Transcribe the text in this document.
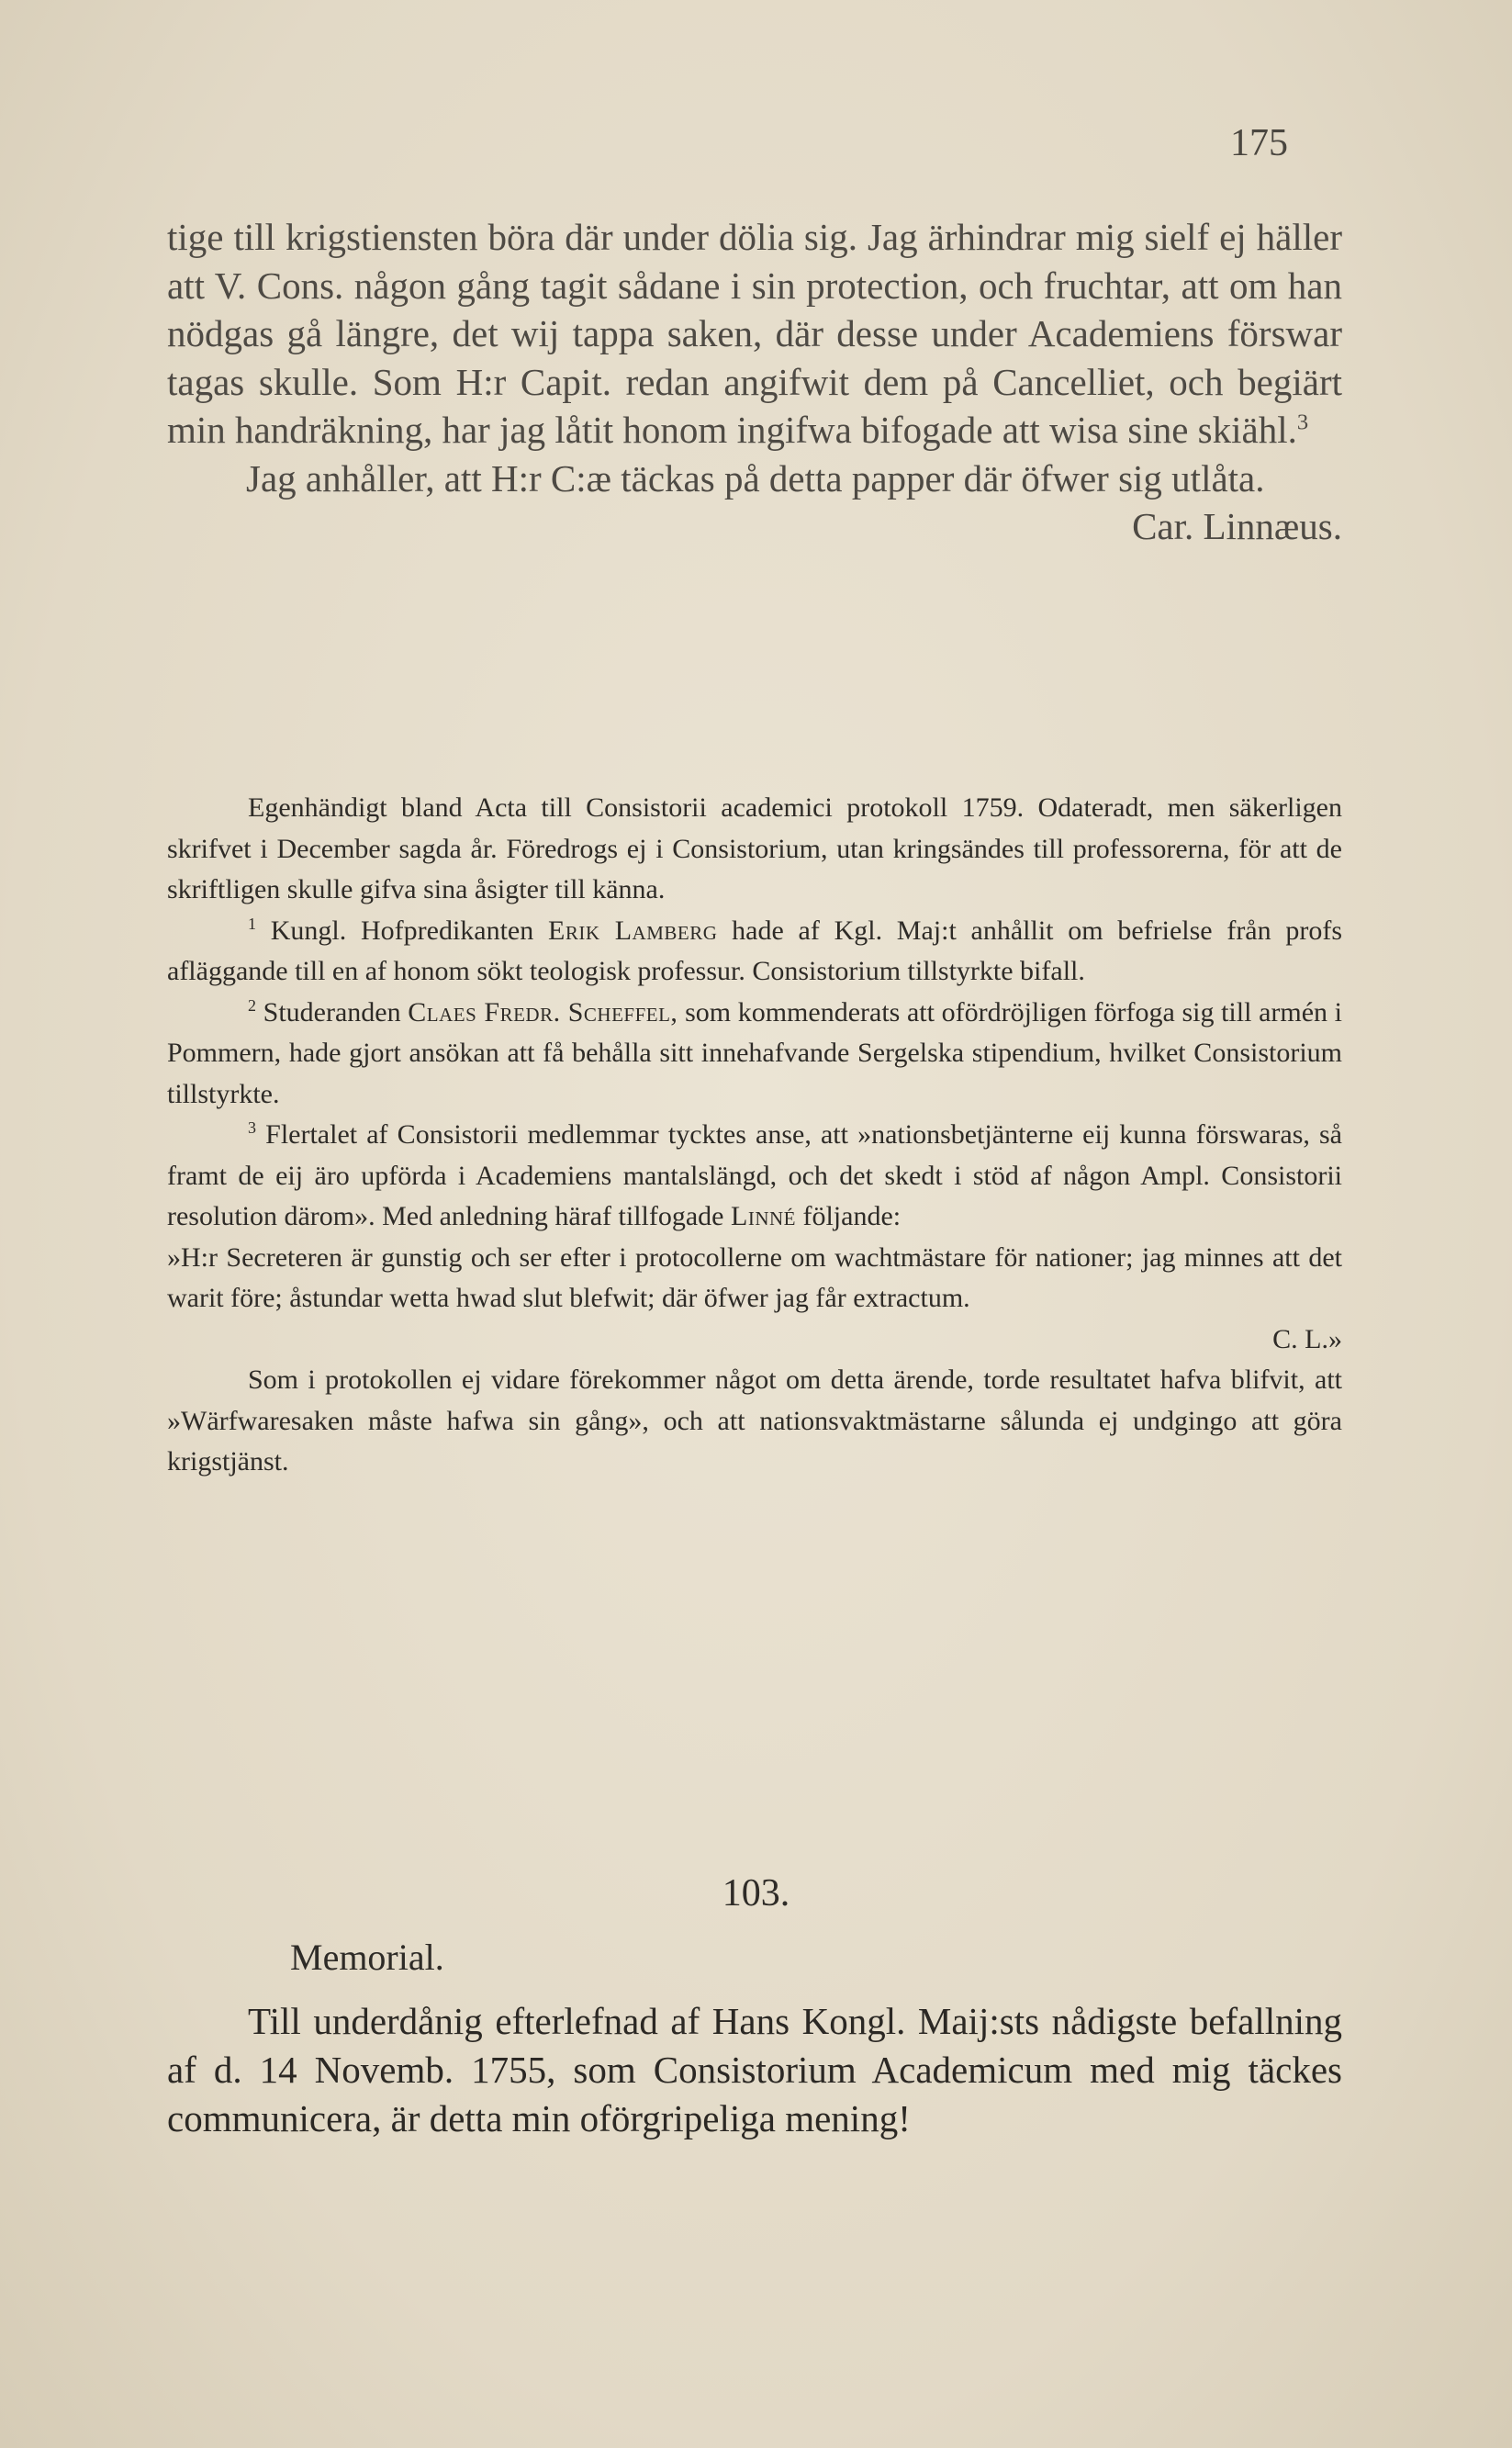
175

tige till krigstiensten böra där under dölia sig. Jag ärhindrar mig sielf ej häller att V. Cons. någon gång tagit sådane i sin protection, och fruchtar, att om han nödgas gå längre, det wij tappa saken, där desse under Academiens förswar tagas skulle. Som H:r Capit. redan angifwit dem på Cancelliet, och begiärt min handräkning, har jag låtit honom ingifwa bifogade att wisa sine skiähl.$^3$

Jag anhåller, att H:r C:æ täckas på detta papper där öfwer sig utlåta.

Car. Linnæus.

Egenhändigt bland Acta till Consistorii academici protokoll 1759. Odateradt, men säkerligen skrifvet i December sagda år. Föredrogs ej i Consistorium, utan kringsändes till professorerna, för att de skriftligen skulle gifva sina åsigter till känna.

$^1$ Kungl. Hofpredikanten Erik Lamberg hade af Kgl. Maj:t anhållit om befrielse från profs afläggande till en af honom sökt teologisk professur. Consistorium tillstyrkte bifall.

$^2$ Studeranden Claes Fredr. Scheffel, som kommenderats att ofördröjligen förfoga sig till armén i Pommern, hade gjort ansökan att få behålla sitt innehafvande Sergelska stipendium, hvilket Consistorium tillstyrkte.

$^3$ Flertalet af Consistorii medlemmar tycktes anse, att »nationsbetjänterne eij kunna förswaras, så framt de eij äro upförda i Academiens mantalslängd, och det skedt i stöd af någon Ampl. Consistorii resolution därom». Med anledning häraf tillfogade Linné följande:

»H:r Secreteren är gunstig och ser efter i protocollerne om wachtmästare för nationer; jag minnes att det warit före; åstundar wetta hwad slut blefwit; där öfwer jag får extractum.

C. L.»

Som i protokollen ej vidare förekommer något om detta ärende, torde resultatet hafva blifvit, att »Wärfwaresaken måste hafwa sin gång», och att nationsvaktmästarne sålunda ej undgingo att göra krigstjänst.

103.
Memorial.

Till underdånig efterlefnad af Hans Kongl. Maij:sts nådigste befallning af d. 14 Novemb. 1755, som Consistorium Academicum med mig täckes communicera, är detta min oförgripeliga mening!
